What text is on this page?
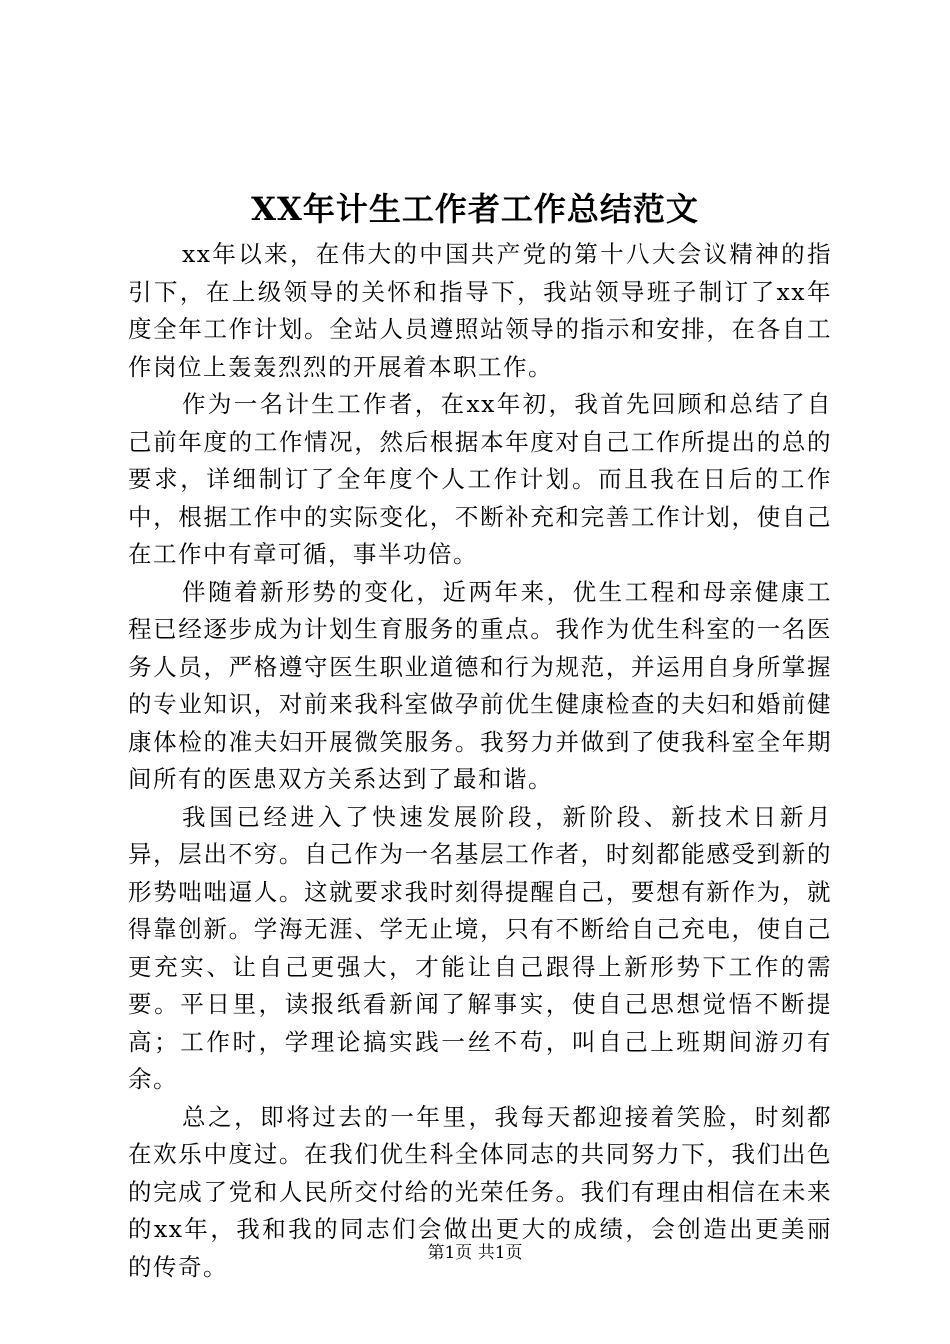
XX年计生工作者工作总结范文

xx年以来，在伟大的中国共产党的第十八大会议精神的指引下，在上级领导的关怀和指导下，我站领导班子制订了xx年度全年工作计划。全站人员遵照站领导的指示和安排，在各自工作岗位上轰轰烈烈的开展着本职工作。

作为一名计生工作者，在xx年初，我首先回顾和总结了自己前年度的工作情况，然后根据本年度对自己工作所提出的总的要求，详细制订了全年度个人工作计划。而且我在日后的工作中，根据工作中的实际变化，不断补充和完善工作计划，使自己在工作中有章可循，事半功倍。

伴随着新形势的变化，近两年来，优生工程和母亲健康工程已经逐步成为计划生育服务的重点。我作为优生科室的一名医务人员，严格遵守医生职业道德和行为规范，并运用自身所掌握的专业知识，对前来我科室做孕前优生健康检查的夫妇和婚前健康体检的准夫妇开展微笑服务。我努力并做到了使我科室全年期间所有的医患双方关系达到了最和谐。

我国已经进入了快速发展阶段，新阶段、新技术日新月异，层出不穷。自己作为一名基层工作者，时刻都能感受到新的形势咄咄逼人。这就要求我时刻得提醒自己，要想有新作为，就得靠创新。学海无涯、学无止境，只有不断给自己充电，使自己更充实、让自己更强大，才能让自己跟得上新形势下工作的需要。平日里，读报纸看新闻了解事实，使自己思想觉悟不断提高；工作时，学理论搞实践一丝不苟，叫自己上班期间游刃有余。

总之，即将过去的一年里，我每天都迎接着笑脸，时刻都在欢乐中度过。在我们优生科全体同志的共同努力下，我们出色的完成了党和人民所交付给的光荣任务。我们有理由相信在未来的xx年，我和我的同志们会做出更大的成绩，会创造出更美丽的传奇。	第1页 共1页
